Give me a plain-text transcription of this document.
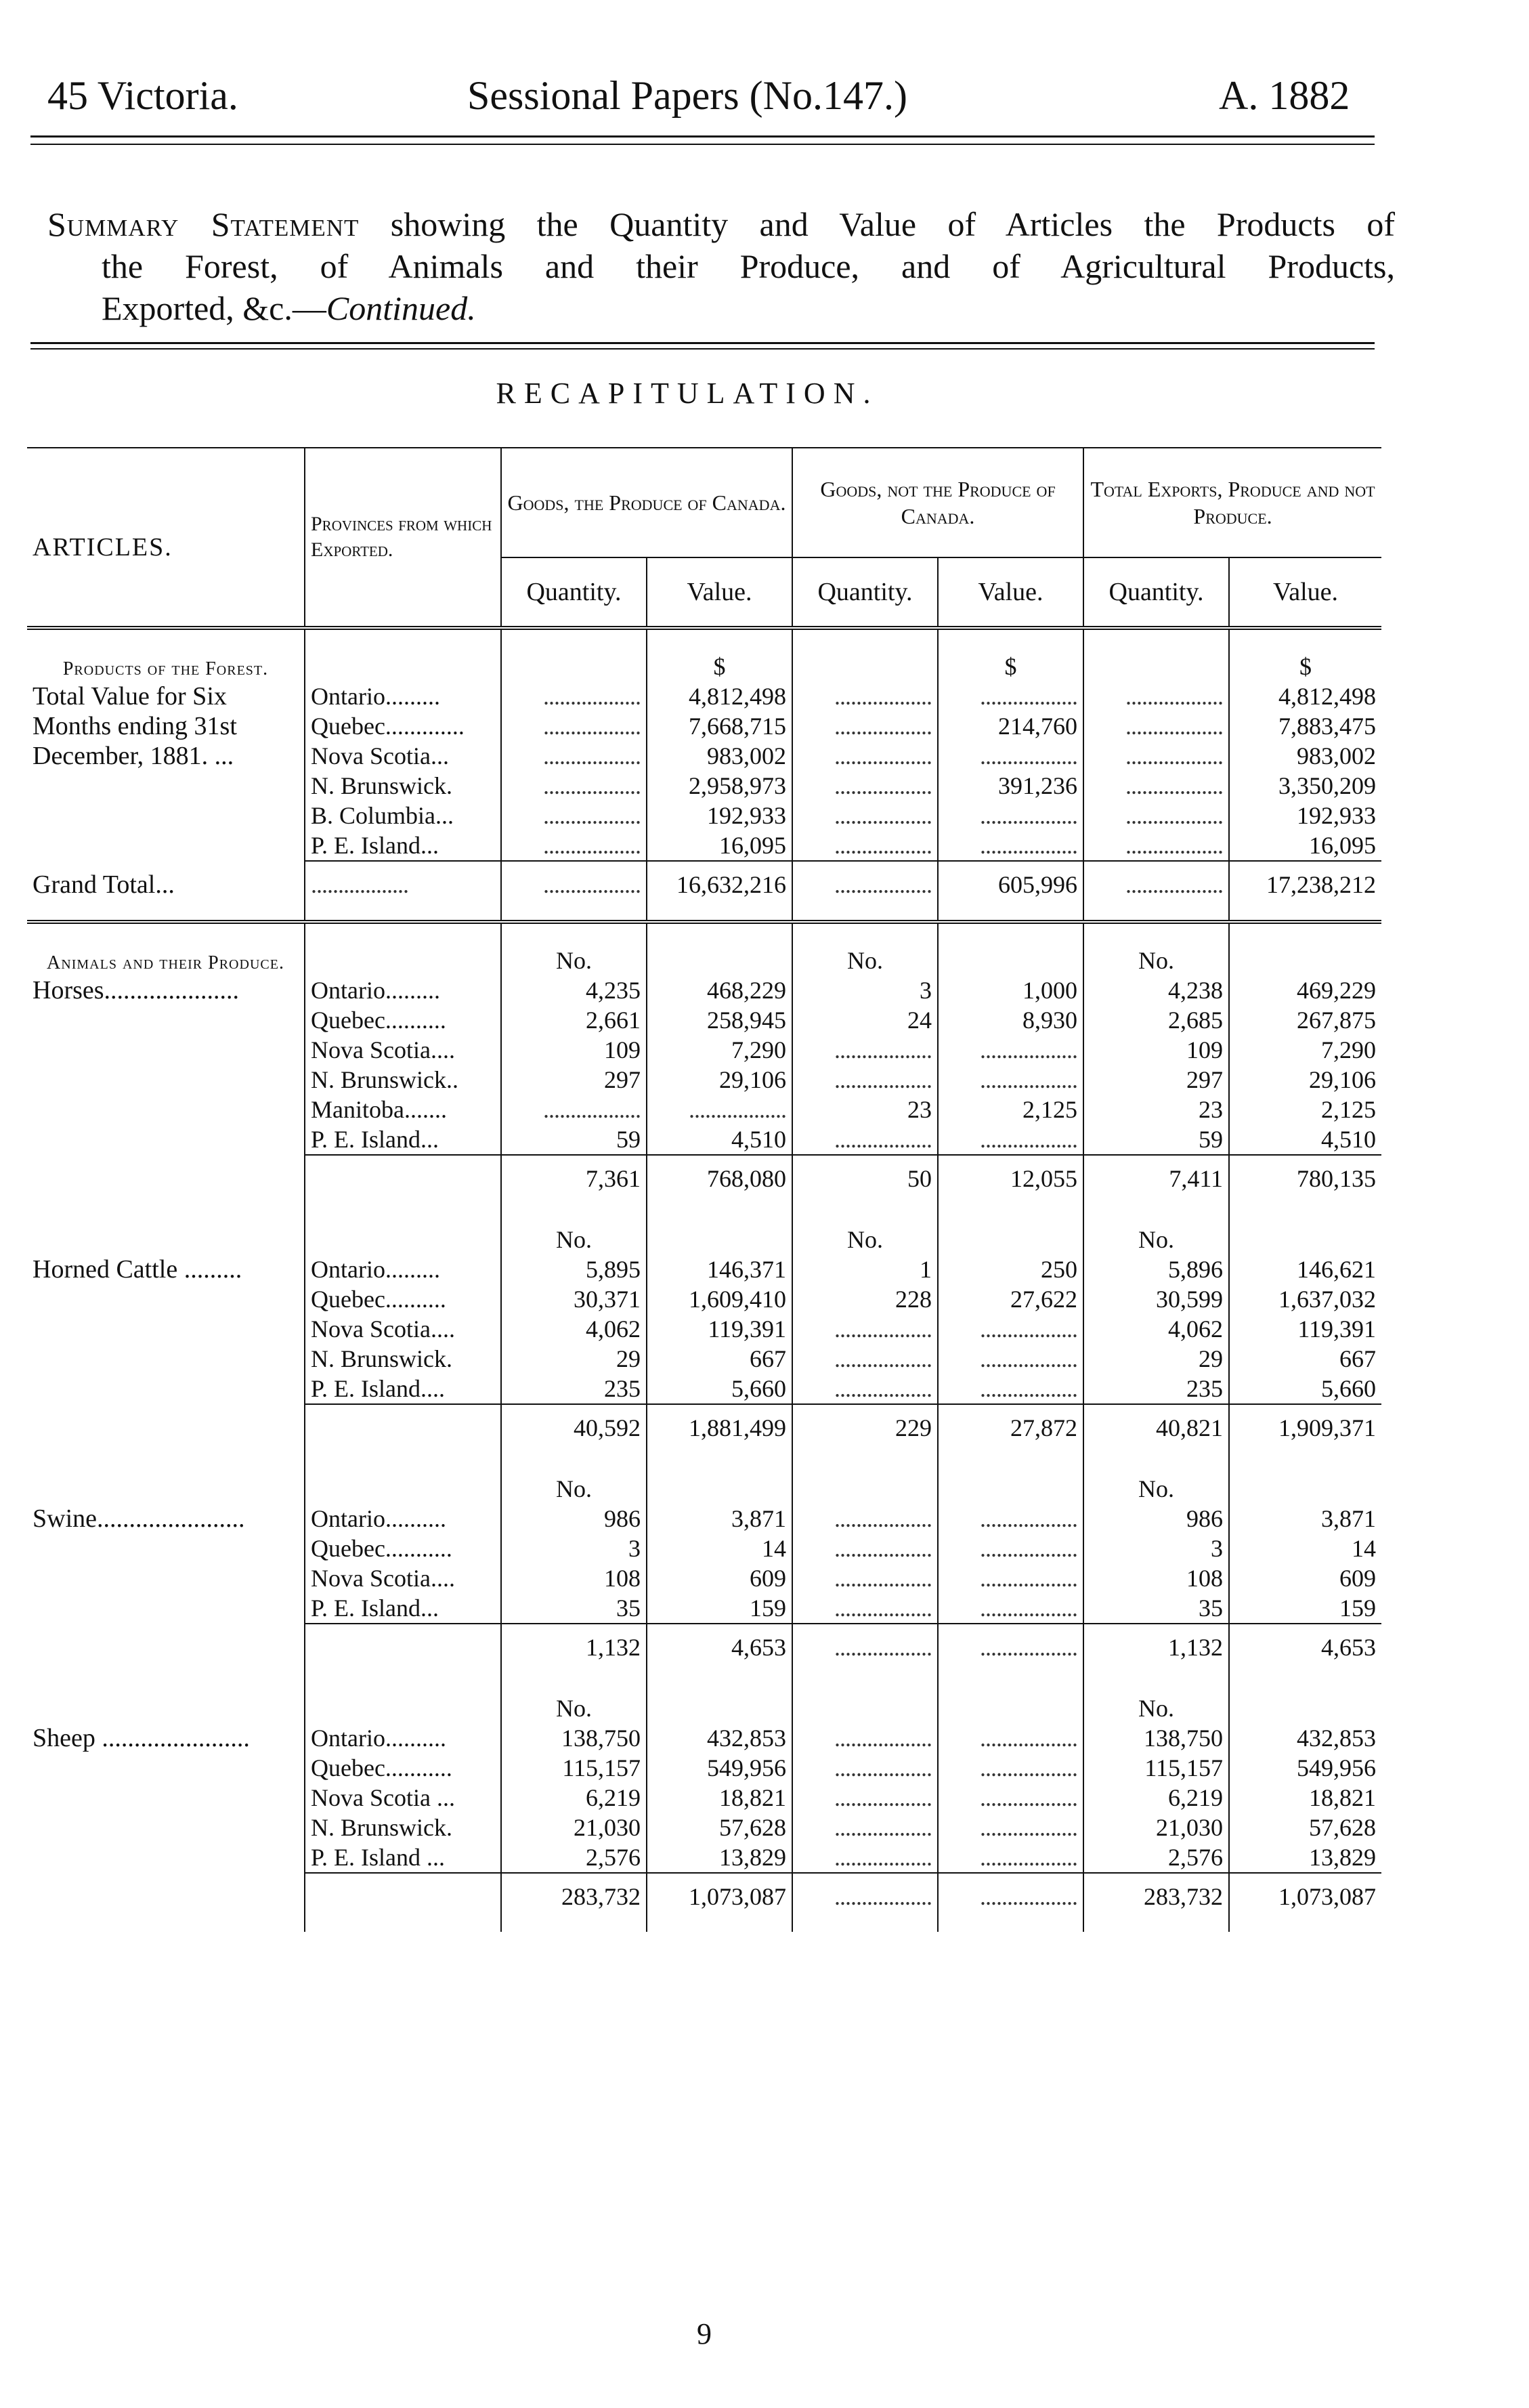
45 Victoria.	Sessional Papers (No.147.)	A. 1882
Summary Statement showing the Quantity and Value of Articles the Products of
the Forest, of Animals and their Produce, and of Agricultural Products,
Exported, &c.—Continued.
RECAPITULATION.
ARTICLES.	Provinces from which Exported.	Goods, the Produce of Canada.		Goods, not the Produce of Canada.		Total Exports, Produce and not Produce.	
		Quantity.	Value.	Quantity.	Value.	Quantity.	Value.
Products of the Forest.			$		$		$
Total Value for Six Months ending 31st December, 1881. ...	Ontario.........	..................	4,812,498	..................	..................	..................	4,812,498
	Quebec.............	..................	7,668,715	..................	214,760	..................	7,883,475
	Nova Scotia...	..................	983,002	..................	..................	..................	983,002
	N. Brunswick.	..................	2,958,973	..................	391,236	..................	3,350,209
	B. Columbia...	..................	192,933	..................	..................	..................	192,933
	P. E. Island...	..................	16,095	..................	..................	..................	16,095
Grand Total...	..................	..................	16,632,216	..................	605,996	..................	17,238,212
Animals and their Produce.		No.		No.		No.	
Horses.....................	Ontario.........	4,235	468,229	3	1,000	4,238	469,229
	Quebec..........	2,661	258,945	24	8,930	2,685	267,875
	Nova Scotia....	109	7,290	..................	..................	109	7,290
	N. Brunswick..	297	29,106	..................	..................	297	29,106
	Manitoba.......	..................	..................	23	2,125	23	2,125
	P. E. Island...	59	4,510	..................	..................	59	4,510
		7,361	768,080	50	12,055	7,411	780,135
		No.		No.		No.	
Horned Cattle .........	Ontario.........	5,895	146,371	1	250	5,896	146,621
	Quebec..........	30,371	1,609,410	228	27,622	30,599	1,637,032
	Nova Scotia....	4,062	119,391	..................	..................	4,062	119,391
	N. Brunswick.	29	667	..................	..................	29	667
	P. E. Island....	235	5,660	..................	..................	235	5,660
		40,592	1,881,499	229	27,872	40,821	1,909,371
		No.				No.	
Swine.......................	Ontario..........	986	3,871	..................	..................	986	3,871
	Quebec...........	3	14	..................	..................	3	14
	Nova Scotia....	108	609	..................	..................	108	609
	P. E. Island...	35	159	..................	..................	35	159
		1,132	4,653	..................	..................	1,132	4,653
		No.				No.	
Sheep .......................	Ontario..........	138,750	432,853	..................	..................	138,750	432,853
	Quebec...........	115,157	549,956	..................	..................	115,157	549,956
	Nova Scotia ...	6,219	18,821	..................	..................	6,219	18,821
	N. Brunswick.	21,030	57,628	..................	..................	21,030	57,628
	P. E. Island ...	2,576	13,829	..................	..................	2,576	13,829
		283,732	1,073,087	..................	..................	283,732	1,073,087
9
